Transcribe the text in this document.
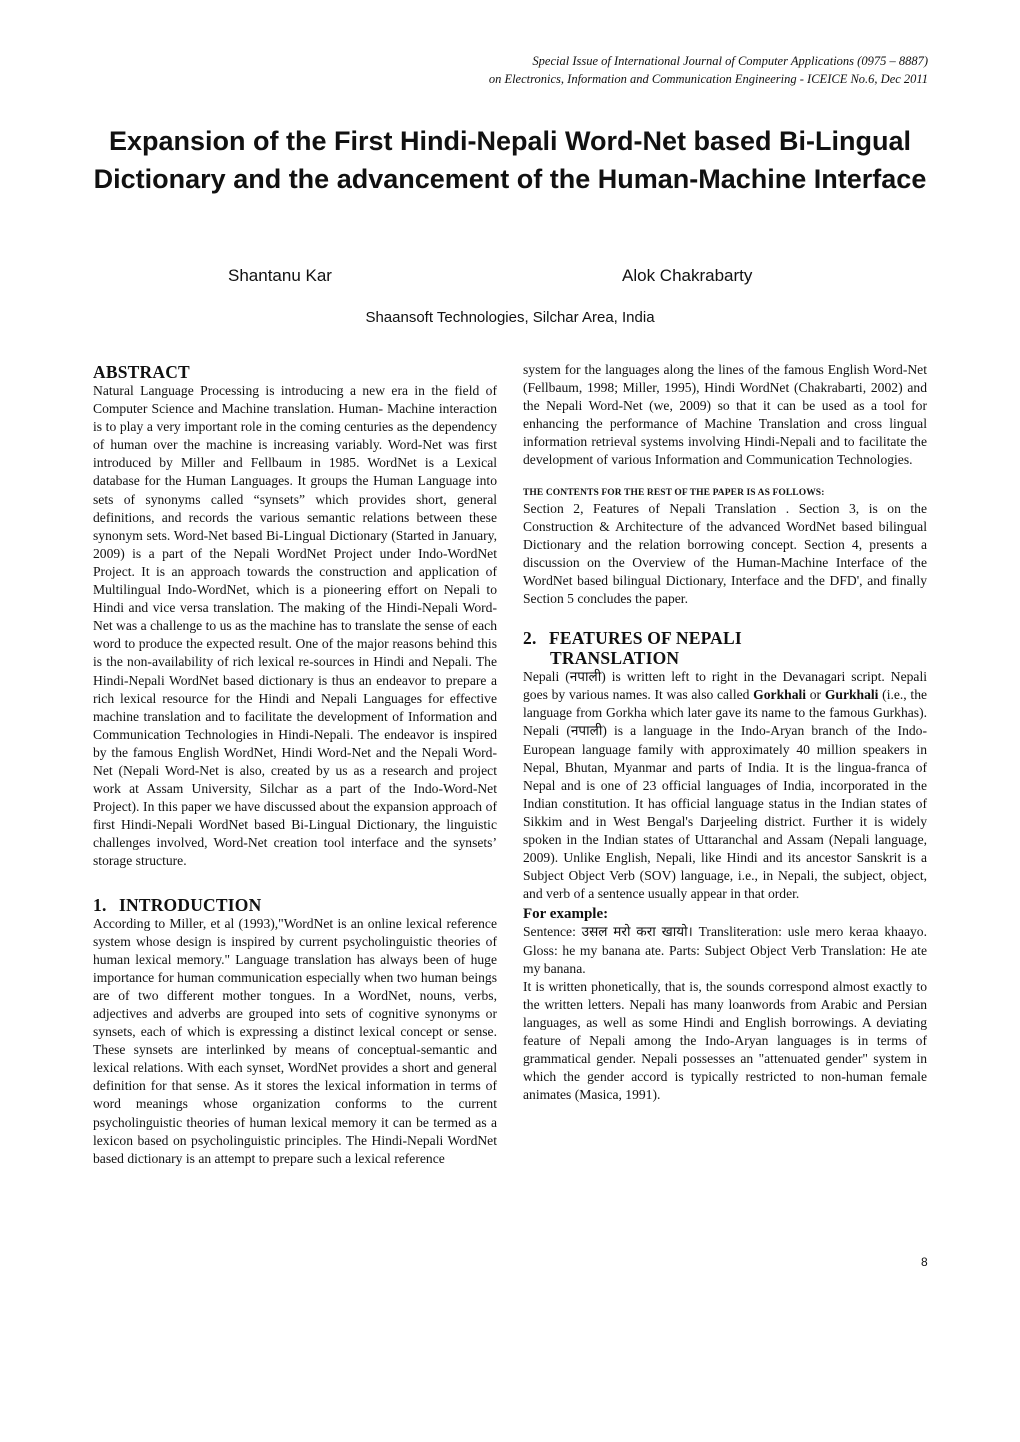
Special Issue of International Journal of Computer Applications (0975 – 8887)
on Electronics, Information and Communication Engineering - ICEICE No.6, Dec 2011
Expansion of the First Hindi-Nepali Word-Net based Bi-Lingual Dictionary and the advancement of the Human-Machine Interface
Shantanu Kar	Alok Chakrabarty
Shaansoft Technologies, Silchar Area, India
ABSTRACT

Natural Language Processing is introducing a new era in the field of Computer Science and Machine translation. Human- Machine interaction is to play a very important role in the coming centuries as the dependency of human over the machine is increasing variably. Word-Net was first introduced by Miller and Fellbaum in 1985. WordNet is a Lexical database for the Human Languages. It groups the Human Language into sets of synonyms called “synsets” which provides short, general definitions, and records the various semantic relations between these synonym sets. Word-Net based Bi-Lingual Dictionary (Started in January, 2009) is a part of the Nepali WordNet Project under Indo-WordNet Project. It is an approach towards the construction and application of Multilingual Indo-WordNet, which is a pioneering effort on Nepali to Hindi and vice versa translation. The making of the Hindi-Nepali Word-Net was a challenge to us as the machine has to translate the sense of each word to produce the expected result. One of the major reasons behind this is the non-availability of rich lexical re-sources in Hindi and Nepali. The Hindi-Nepali WordNet based dictionary is thus an endeavor to prepare a rich lexical resource for the Hindi and Nepali Languages for effective machine translation and to facilitate the development of Information and Communication Technologies in Hindi-Nepali. The endeavor is inspired by the famous English WordNet, Hindi Word-Net and the Nepali Word-Net (Nepali Word-Net is also, created by us as a research and project work at Assam University, Silchar as a part of the Indo-Word-Net Project). In this paper we have discussed about the expansion approach of first Hindi-Nepali WordNet based Bi-Lingual Dictionary, the linguistic challenges involved, Word-Net creation tool interface and the synsets’ storage structure.

1. INTRODUCTION

According to Miller, et al (1993),"WordNet is an online lexical reference system whose design is inspired by current psycholinguistic theories of human lexical memory." Language translation has always been of huge importance for human communication especially when two human beings are of two different mother tongues. In a WordNet, nouns, verbs, adjectives and adverbs are grouped into sets of cognitive synonyms or synsets, each of which is expressing a distinct lexical concept or sense. These synsets are interlinked by means of conceptual-semantic and lexical relations. With each synset, WordNet provides a short and general definition for that sense. As it stores the lexical information in terms of word meanings whose organization conforms to the current psycholinguistic theories of human lexical memory it can be termed as a lexicon based on psycholinguistic principles. The Hindi-Nepali WordNet based dictionary is an attempt to prepare such a lexical reference

system for the languages along the lines of the famous English Word-Net (Fellbaum, 1998; Miller, 1995), Hindi WordNet (Chakrabarti, 2002) and the Nepali Word-Net (we, 2009) so that it can be used as a tool for enhancing the performance of Machine Translation and cross lingual information retrieval systems involving Hindi-Nepali and to facilitate the development of various Information and Communication Technologies.

THE CONTENTS FOR THE REST OF THE PAPER IS AS FOLLOWS:

Section 2, Features of Nepali Translation . Section 3, is on the Construction & Architecture of the advanced WordNet based bilingual Dictionary and the relation borrowing concept. Section 4, presents a discussion on the Overview of the Human-Machine Interface of the WordNet based bilingual Dictionary, Interface and the DFD', and finally Section 5 concludes the paper.

2. FEATURES OF NEPALI
TRANSLATION

Nepali (नपाली) is written left to right in the Devanagari script. Nepali goes by various names. It was also called Gorkhali or Gurkhali (i.e., the language from Gorkha which later gave its name to the famous Gurkhas). Nepali (नपाली) is a language in the Indo-Aryan branch of the Indo-European language family with approximately 40 million speakers in Nepal, Bhutan, Myanmar and parts of India. It is the lingua-franca of Nepal and is one of 23 official languages of India, incorporated in the Indian constitution. It has official language status in the Indian states of Sikkim and in West Bengal's Darjeeling district. Further it is widely spoken in the Indian states of Uttaranchal and Assam (Nepali language, 2009). Unlike English, Nepali, like Hindi and its ancestor Sanskrit is a Subject Object Verb (SOV) language, i.e., in Nepali, the subject, object, and verb of a sentence usually appear in that order.

For example:

Sentence: उसल मरो करा खायो। Transliteration: usle mero keraa khaayo. Gloss: he my banana ate. Parts: Subject Object Verb Translation: He ate my banana.

It is written phonetically, that is, the sounds correspond almost exactly to the written letters. Nepali has many loanwords from Arabic and Persian languages, as well as some Hindi and English borrowings. A deviating feature of Nepali among the Indo-Aryan languages is in terms of grammatical gender. Nepali possesses an "attenuated gender" system in which the gender accord is typically restricted to non-human female animates (Masica, 1991).

8
